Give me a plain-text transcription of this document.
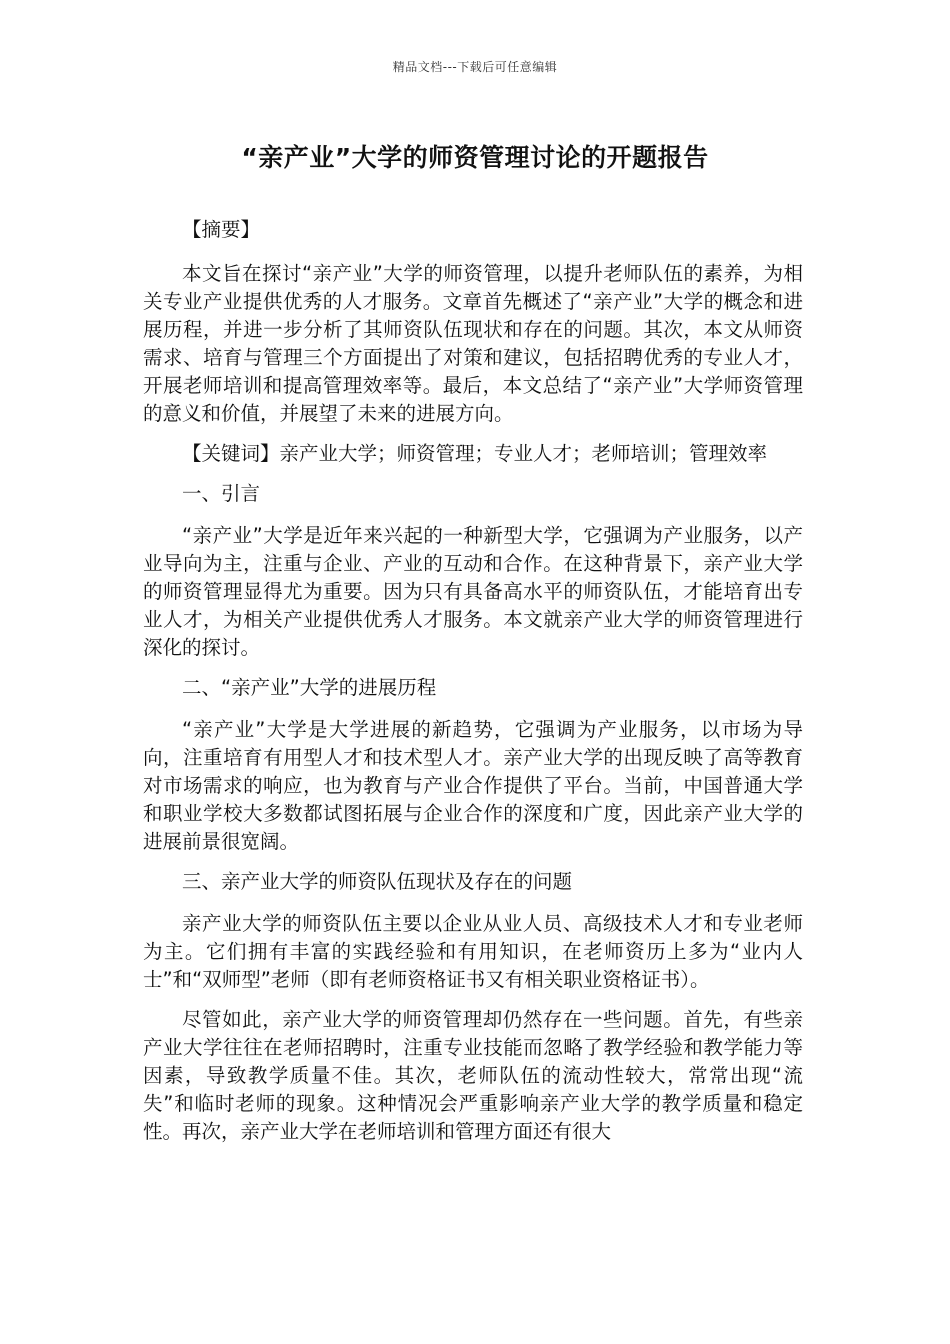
精品文档---下载后可任意编辑
“亲产业”大学的师资管理讨论的开题报告

【摘要】

本文旨在探讨“亲产业”大学的师资管理，以提升老师队伍的素养，为相关专业产业提供优秀的人才服务。文章首先概述了“亲产业”大学的概念和进展历程，并进一步分析了其师资队伍现状和存在的问题。其次，本文从师资需求、培育与管理三个方面提出了对策和建议，包括招聘优秀的专业人才，开展老师培训和提高管理效率等。最后，本文总结了“亲产业”大学师资管理的意义和价值，并展望了未来的进展方向。

【关键词】亲产业大学；师资管理；专业人才；老师培训；管理效率

一、引言

“亲产业”大学是近年来兴起的一种新型大学，它强调为产业服务，以产业导向为主，注重与企业、产业的互动和合作。在这种背景下，亲产业大学的师资管理显得尤为重要。因为只有具备高水平的师资队伍，才能培育出专业人才，为相关产业提供优秀人才服务。本文就亲产业大学的师资管理进行深化的探讨。

二、“亲产业”大学的进展历程

“亲产业”大学是大学进展的新趋势，它强调为产业服务，以市场为导向，注重培育有用型人才和技术型人才。亲产业大学的出现反映了高等教育对市场需求的响应，也为教育与产业合作提供了平台。当前，中国普通大学和职业学校大多数都试图拓展与企业合作的深度和广度，因此亲产业大学的进展前景很宽阔。

三、亲产业大学的师资队伍现状及存在的问题

亲产业大学的师资队伍主要以企业从业人员、高级技术人才和专业老师为主。它们拥有丰富的实践经验和有用知识，在老师资历上多为“业内人士”和“双师型”老师（即有老师资格证书又有相关职业资格证书）。

尽管如此，亲产业大学的师资管理却仍然存在一些问题。首先，有些亲产业大学往往在老师招聘时，注重专业技能而忽略了教学经验和教学能力等因素，导致教学质量不佳。其次，老师队伍的流动性较大，常常出现“流失”和临时老师的现象。这种情况会严重影响亲产业大学的教学质量和稳定性。再次，亲产业大学在老师培训和管理方面还有很大
